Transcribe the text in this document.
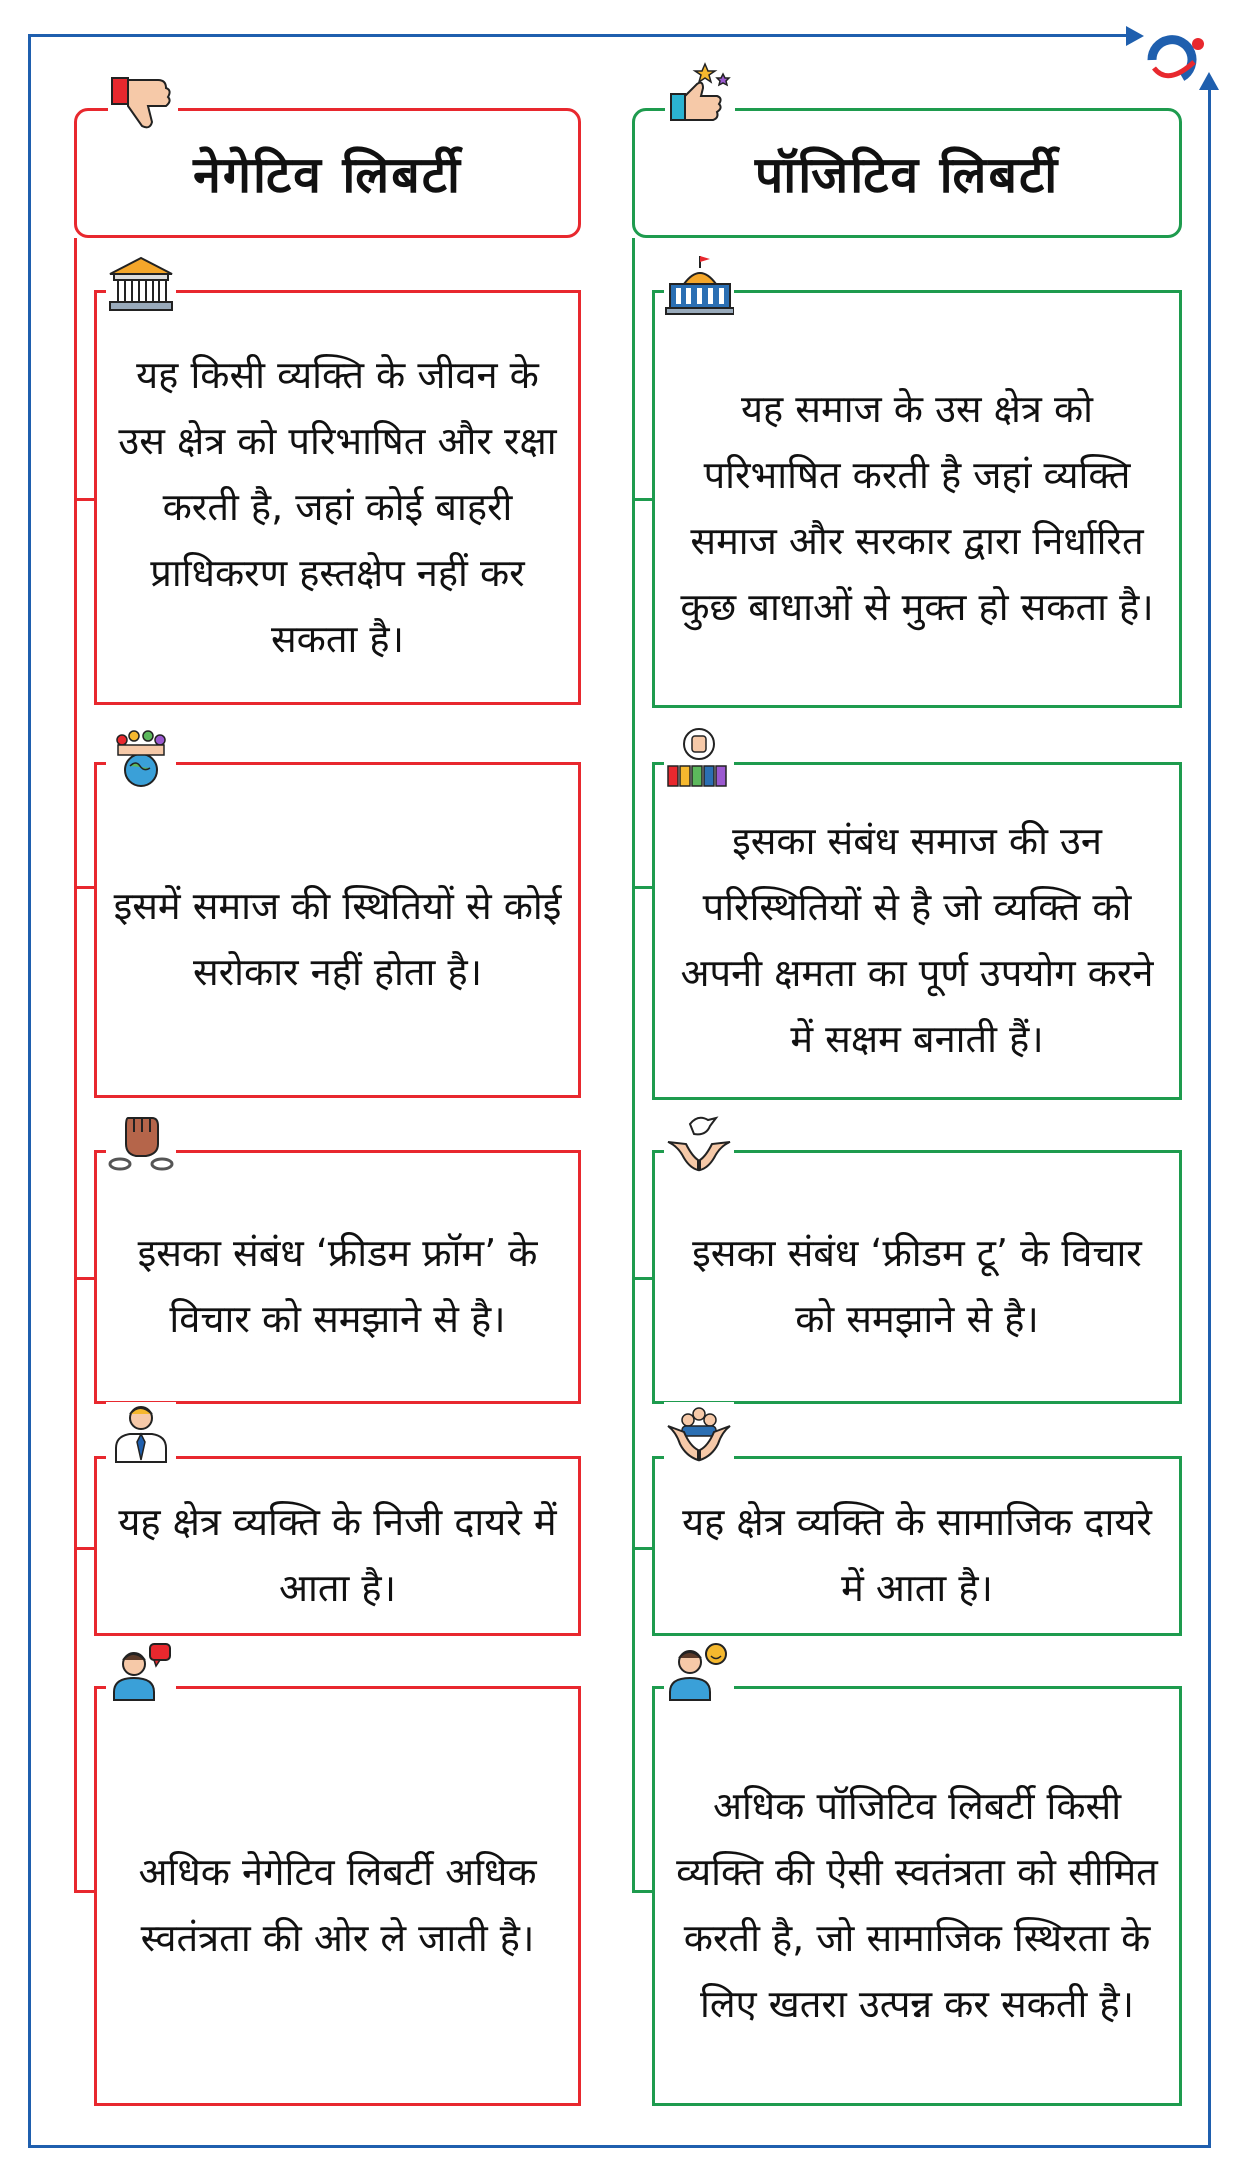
नेगेटिव लिबर्टी	पॉजिटिव लिबर्टी

यह किसी व्यक्ति के जीवन के उस क्षेत्र को परिभाषित और रक्षा करती है, जहां कोई बाहरी प्राधिकरण हस्तक्षेप नहीं कर सकता है।

इसमें समाज की स्थितियों से कोई सरोकार नहीं होता है।

इसका संबंध ‘फ्रीडम फ्रॉम’ के विचार को समझाने से है।

यह क्षेत्र व्यक्ति के निजी दायरे में आता है।

अधिक नेगेटिव लिबर्टी अधिक स्वतंत्रता की ओर ले जाती है।

यह समाज के उस क्षेत्र को परिभाषित करती है जहां व्यक्ति समाज और सरकार द्वारा निर्धारित कुछ बाधाओं से मुक्त हो सकता है।

इसका संबंध समाज की उन परिस्थितियों से है जो व्यक्ति को अपनी क्षमता का पूर्ण उपयोग करने में सक्षम बनाती हैं।

इसका संबंध ‘फ्रीडम टू’ के विचार को समझाने से है।

यह क्षेत्र व्यक्ति के सामाजिक दायरे में आता है।

अधिक पॉजिटिव लिबर्टी किसी व्यक्ति की ऐसी स्वतंत्रता को सीमित करती है, जो सामाजिक स्थिरता के लिए खतरा उत्पन्न कर सकती है।
